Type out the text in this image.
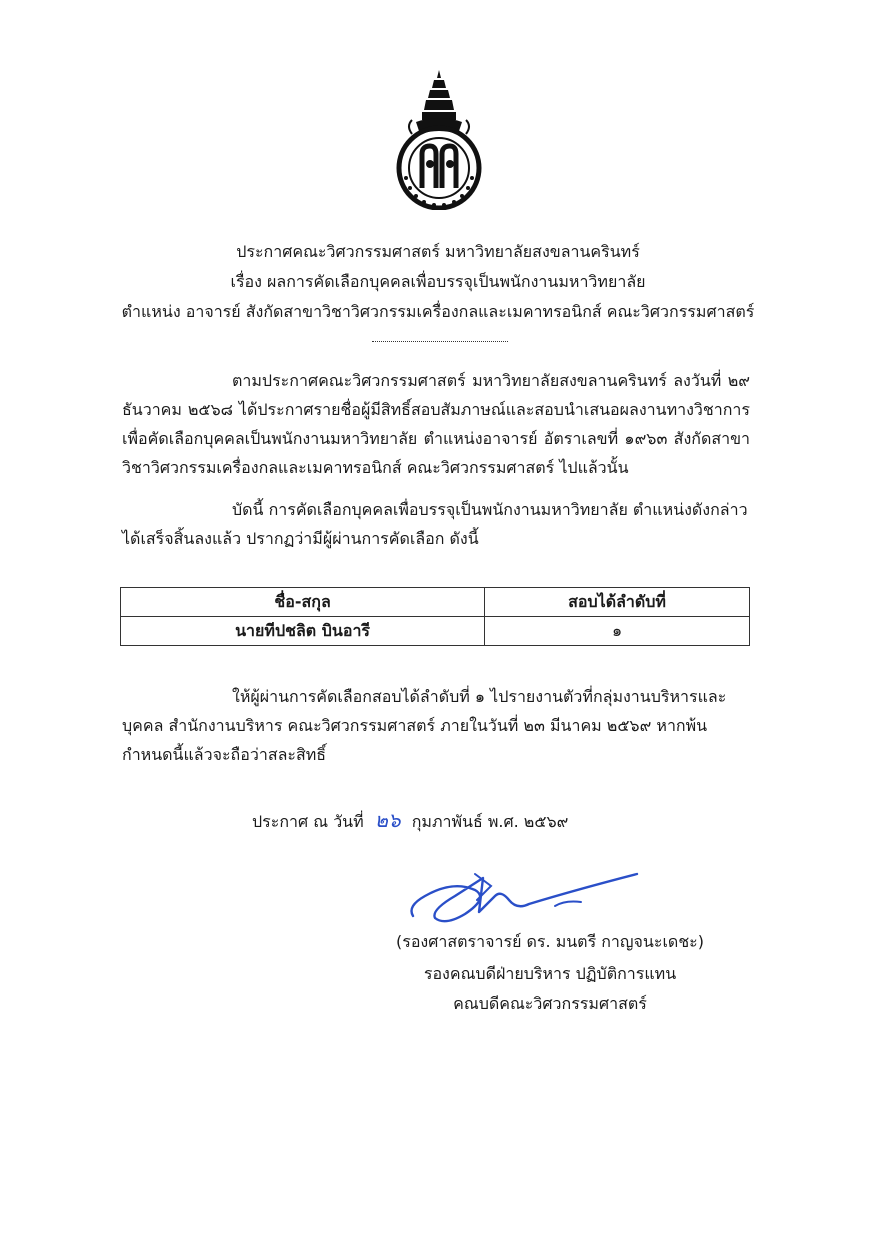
ประกาศคณะวิศวกรรมศาสตร์ มหาวิทยาลัยสงขลานครินทร์
เรื่อง ผลการคัดเลือกบุคคลเพื่อบรรจุเป็นพนักงานมหาวิทยาลัย
ตำแหน่ง อาจารย์ สังกัดสาขาวิชาวิศวกรรมเครื่องกลและเมคาทรอนิกส์ คณะวิศวกรรมศาสตร์
ตามประกาศคณะวิศวกรรมศาสตร์ มหาวิทยาลัยสงขลานครินทร์ ลงวันที่ ๒๙ ธันวาคม ๒๕๖๘ ได้ประกาศรายชื่อผู้มีสิทธิ์สอบสัมภาษณ์และสอบนำเสนอผลงานทางวิชาการเพื่อคัดเลือกบุคคลเป็นพนักงานมหาวิทยาลัย ตำแหน่งอาจารย์ อัตราเลขที่ ๑๙๖๓ สังกัดสาขาวิชาวิศวกรรมเครื่องกลและเมคาทรอนิกส์ คณะวิศวกรรมศาสตร์ ไปแล้วนั้น
บัดนี้ การคัดเลือกบุคคลเพื่อบรรจุเป็นพนักงานมหาวิทยาลัย ตำแหน่งดังกล่าวได้เสร็จสิ้นลงแล้ว ปรากฏว่ามีผู้ผ่านการคัดเลือก ดังนี้
ชื่อ-สกุล	สอบได้ลำดับที่
นายทีปชลิต บินอารี	๑
ให้ผู้ผ่านการคัดเลือกสอบได้ลำดับที่ ๑ ไปรายงานตัวที่กลุ่มงานบริหารและบุคคล สำนักงานบริหาร คณะวิศวกรรมศาสตร์ ภายในวันที่ ๒๓ มีนาคม ๒๕๖๙ หากพ้นกำหนดนี้แล้วจะถือว่าสละสิทธิ์
ประกาศ ณ วันที่ ๒๖ กุมภาพันธ์ พ.ศ. ๒๕๖๙
(รองศาสตราจารย์ ดร. มนตรี กาญจนะเดชะ)
รองคณบดีฝ่ายบริหาร ปฏิบัติการแทน
คณบดีคณะวิศวกรรมศาสตร์
